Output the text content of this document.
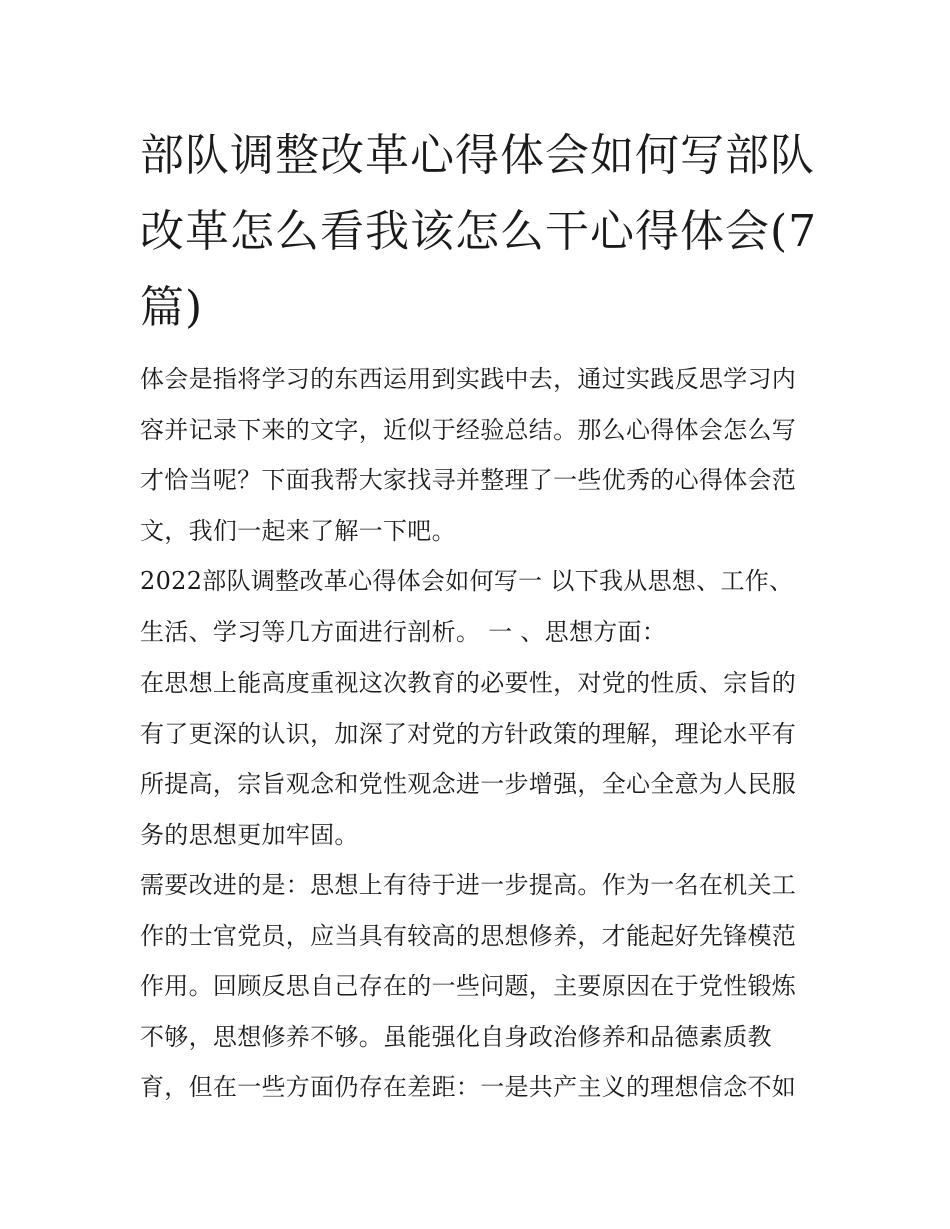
部队调整改革心得体会如何写部队改革怎么看我该怎么干心得体会(7篇)

体会是指将学习的东西运用到实践中去，通过实践反思学习内容并记录下来的文字，近似于经验总结。那么心得体会怎么写才恰当呢？下面我帮大家找寻并整理了一些优秀的心得体会范文，我们一起来了解一下吧。

2022部队调整改革心得体会如何写一 以下我从思想、工作、生活、学习等几方面进行剖析。 一 、思想方面：

在思想上能高度重视这次教育的必要性，对党的性质、宗旨的有了更深的认识，加深了对党的方针政策的理解，理论水平有所提高，宗旨观念和党性观念进一步增强，全心全意为人民服务的思想更加牢固。

需要改进的是：思想上有待于进一步提高。作为一名在机关工作的士官党员，应当具有较高的思想修养，才能起好先锋模范作用。回顾反思自己存在的一些问题，主要原因在于党性锻炼不够，思想修养不够。虽能强化自身政治修养和品德素质教育，但在一些方面仍存在差距：一是共产主义的理想信念不如
